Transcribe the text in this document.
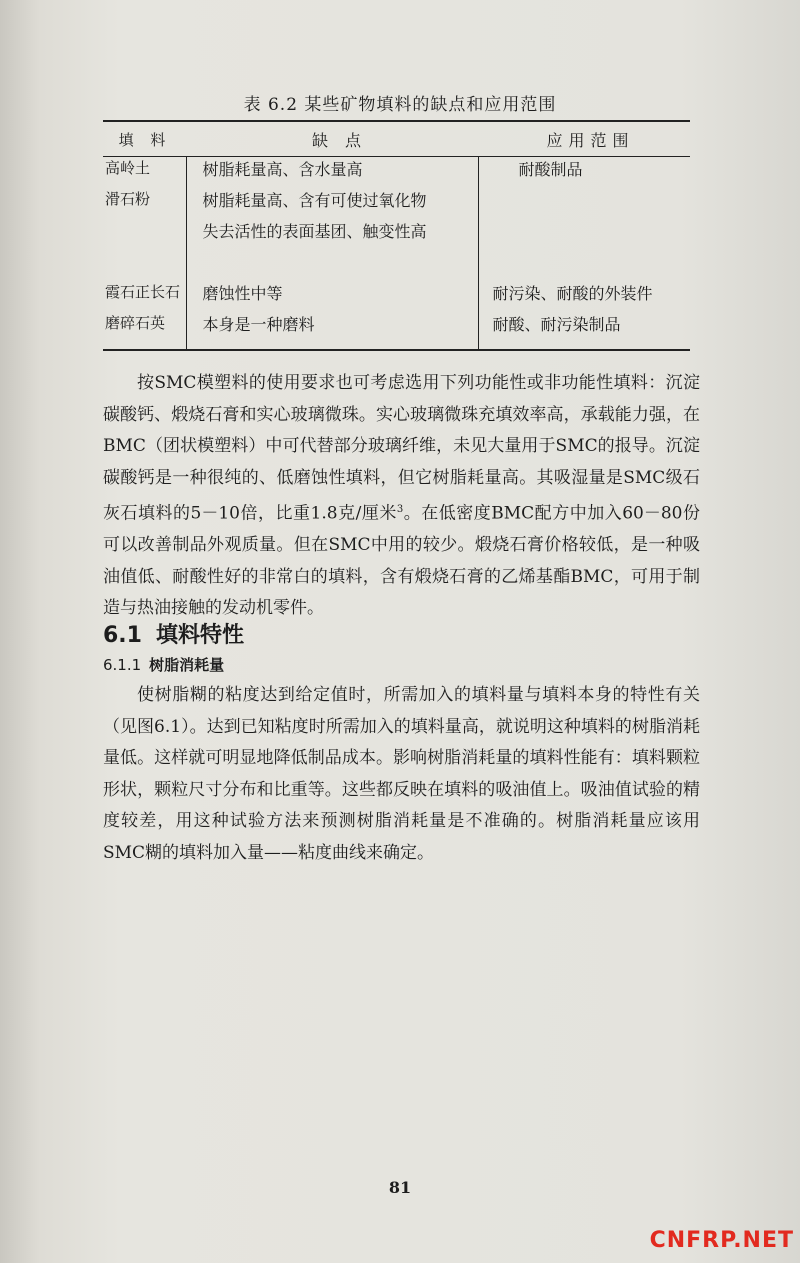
表 6.2 某些矿物填料的缺点和应用范围
填 料	缺 点	应用范围
高岭土	树脂耗量高、含水量高	耐酸制品
滑石粉	树脂耗量高、含有可使过氧化物	
	失去活性的表面基团、触变性高	

霞石正长石	磨蚀性中等	耐污染、耐酸的外装件
磨碎石英	本身是一种磨料	耐酸、耐污染制品
按SMC模塑料的使用要求也可考虑选用下列功能性或非功能性填料：沉淀碳酸钙、煅烧石膏和实心玻璃微珠。实心玻璃微珠充填效率高，承载能力强，在BMC（团状模塑料）中可代替部分玻璃纤维，未见大量用于SMC的报导。沉淀碳酸钙是一种很纯的、低磨蚀性填料，但它树脂耗量高。其吸湿量是SMC级石灰石填料的5－10倍，比重1.8克/厘米$^3$。在低密度BMC配方中加入60－80份可以改善制品外观质量。但在SMC中用的较少。煅烧石膏价格较低，是一种吸油值低、耐酸性好的非常白的填料，含有煅烧石膏的乙烯基酯BMC，可用于制造与热油接触的发动机零件。
6.1 填料特性
6.1.1 树脂消耗量
使树脂糊的粘度达到给定值时，所需加入的填料量与填料本身的特性有关（见图6.1）。达到已知粘度时所需加入的填料量高，就说明这种填料的树脂消耗量低。这样就可明显地降低制品成本。影响树脂消耗量的填料性能有：填料颗粒形状，颗粒尺寸分布和比重等。这些都反映在填料的吸油值上。吸油值试验的精度较差，用这种试验方法来预测树脂消耗量是不准确的。树脂消耗量应该用SMC糊的填料加入量——粘度曲线来确定。
81
CNFRP.NET
